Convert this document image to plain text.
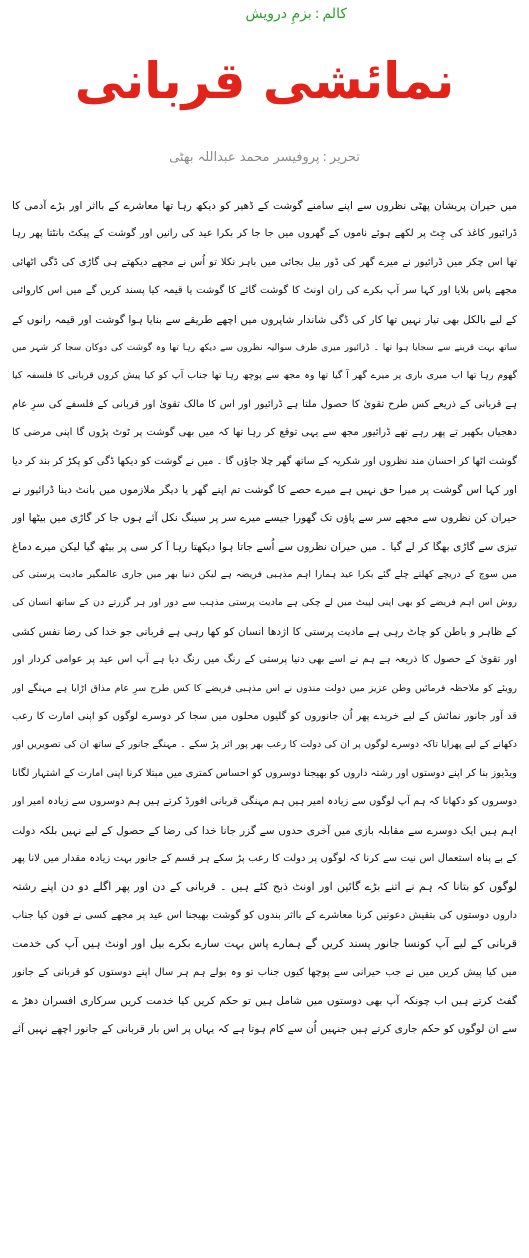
کالم:بزمِ درویش
نمائشی قربانی
تحریر:پروفیسر محمد عبداللہ بھٹی
میں حیران پریشان پھٹی نظروں سے اپنے سامنے گوشت کے ڈھیر کو دیکھ رہا تھا معاشرے کے بااثر اور بڑے آدمی کا
ڈرائیور کاغذ کی چِٹ پر لکھے ہوئے ناموں کے گھروں میں جا جا کر بکرا عید کی رانیں اور گوشت کے پیکٹ بانٹتا پھر رہا
تھا اس چکر میں ڈرائیور نے میرے گھر کی ڈور بیل بجائی میں باہر نکلا تو اُس نے مجھے دیکھتے ہی گاڑی کی ڈگی اٹھائی
مجھے پاس بلایا اور کہا سر آپ بکرے کی ران اونٹ کا گوشت گائے کا گوشت یا قیمہ کیا پسند کریں گے میں اس کاروائی
کے لیے بالکل بھی تیار نہیں تھا کار کی ڈگی شاندار شاپروں میں اچھے طریقے سے بنایا ہوا گوشت اور قیمہ رانوں کے
ساتھ بہت قرینے سے سجایا ہوا تھا ۔ ڈرائیور میری طرف سوالیہ نظروں سے دیکھ رہا تھا وہ گوشت کی دوکان سجا کر شہر میں
گھوم رہا تھا اب میری باری پر میرے گھر آ گیا تھا وہ مجھ سے پوچھ رہا تھا جناب آپ کو کیا پیش کروں قربانی کا فلسفہ کیا
ہے قربانی کے ذریعے کس طرح تقویٰ کا حصول ملتا ہے ڈرائیور اور اس کا مالک تقویٰ اور قربانی کے فلسفے کی سرِ عام
دھجیاں بکھیر تے پھر رہے تھے ڈرائیور مجھ سے یہی توقع کر رہا تھا کہ میں بھی گوشت پر ٹوٹ پڑوں گا اپنی مرضی کا
گوشت اٹھا کر احسان مند نظروں اور شکریہ کے ساتھ گھر چلا جاؤں گا ۔ میں نے گوشت کو دیکھا ڈگی کو پکڑ کر بند کر دیا
اور کہا اس گوشت پر میرا حق نہیں ہے میرے حصے کا گوشت تم اپنے گھر یا دیگر ملازموں میں بانٹ دینا ڈرائیور نے
حیران کن نظروں سے مجھے سر سے پاؤں تک گھورا جیسے میرے سر پر سینگ نکل آئے ہوں جا کر گاڑی میں بیٹھا اور
تیزی سے گاڑی بھگا کر لے گیا ۔ میں حیران نظروں سے اُسے جاتا ہوا دیکھتا رہا آ کر سی پر بیٹھ گیا لیکن میرے دماغ
میں سوچ کے دریچے کھلتے چلے گئے بکرا عید ہمارا اہم مذہبی فریضہ ہے لیکن دنیا بھر میں جاری عالمگیر مادیت پرستی کی
روش اس اہم فریضے کو بھی اپنی لپیٹ میں لے چکی ہے مادیت پرستی مذہب سے دور اور ہر گزرتے دن کے ساتھ انسان کی
کے ظاہر و باطن کو چاٹ رہی ہے مادیت پرستی کا اژدھا انسان کو کھا رہی ہے قربانی جو خدا کی رضا نفس کشی
اور تقویٰ کے حصول کا ذریعہ ہے ہم نے اسے بھی دنیا پرستی کے رنگ میں رنگ دیا ہے آپ اس عید پر عوامی کردار اور
رویئے کو ملاحظہ فرمائیں وطن عزیز میں دولت مندوں نے اس مذہبی فریضے کا کس طرح سرِ عام مذاق اڑایا ہے مہنگے اور
قد آور جانور نمائش کے لیے خریدے پھر اُن جانوروں کو گلیوں محلوں میں سجا کر دوسرے لوگوں کو اپنی امارت کا رعب
دکھانے کے لیے پھرایا تاکہ دوسرے لوگوں پر ان کی دولت کا رعب بھر پور اثر پڑ سکے ۔ مہنگے جانور کے ساتھ ان کی تصویریں اور
ویڈیوز بنا کر اپنے دوستوں اور رشتہ داروں کو بھیجنا دوسروں کو احساس کمتری میں مبتلا کرنا اپنی امارت کے اشتہار لگانا
دوسروں کو دکھانا کہ ہم آپ لوگوں سے زیادہ امیر ہیں ہم مہنگی قربانی افورڈ کرتے ہیں ہم دوسروں سے زیادہ امیر اور
اہم ہیں ایک دوسرے سے مقابلہ بازی میں آخری حدوں سے گزر جانا خدا کی رضا کے حصول کے لیے نہیں بلکہ دولت
کے بے پناہ استعمال اس نیت سے کرنا کہ لوگوں پر دولت کا رعب پڑ سکے ہر قسم کے جانور بہت زیادہ مقدار میں لانا پھر
لوگوں کو بتانا کہ ہم نے اتنے بڑے گائیں اور اونٹ ذبح کئے ہیں ۔ قربانی کے دن اور پھر اگلے دو دن اپنے رشتہ
داروں دوستوں کی بتقیش دعوتیں کرنا معاشرے کے بااثر بندوں کو گوشت بھیجنا اس عید پر مجھے کسی نے فون کیا جناب
قربانی کے لیے آپ کونسا جانور پسند کریں گے ہمارے پاس بہت سارے بکرے بیل اور اونٹ ہیں آپ کی خدمت
میں کیا پیش کریں میں نے جب حیرانی سے پوچھا کیوں جناب تو وہ بولے ہم ہر سال اپنے دوستوں کو قربانی کے جانور
گفٹ کرتے ہیں اب چونکہ آپ بھی دوستوں میں شامل ہیں تو حکم کریں کیا خدمت کریں سرکاری افسران دھڑ ے
سے ان لوگوں کو حکم جاری کرتے ہیں جنہیں اُن سے کام ہوتا ہے کہ یہاں پر اس بار قربانی کے جانور اچھے نہیں آئے
